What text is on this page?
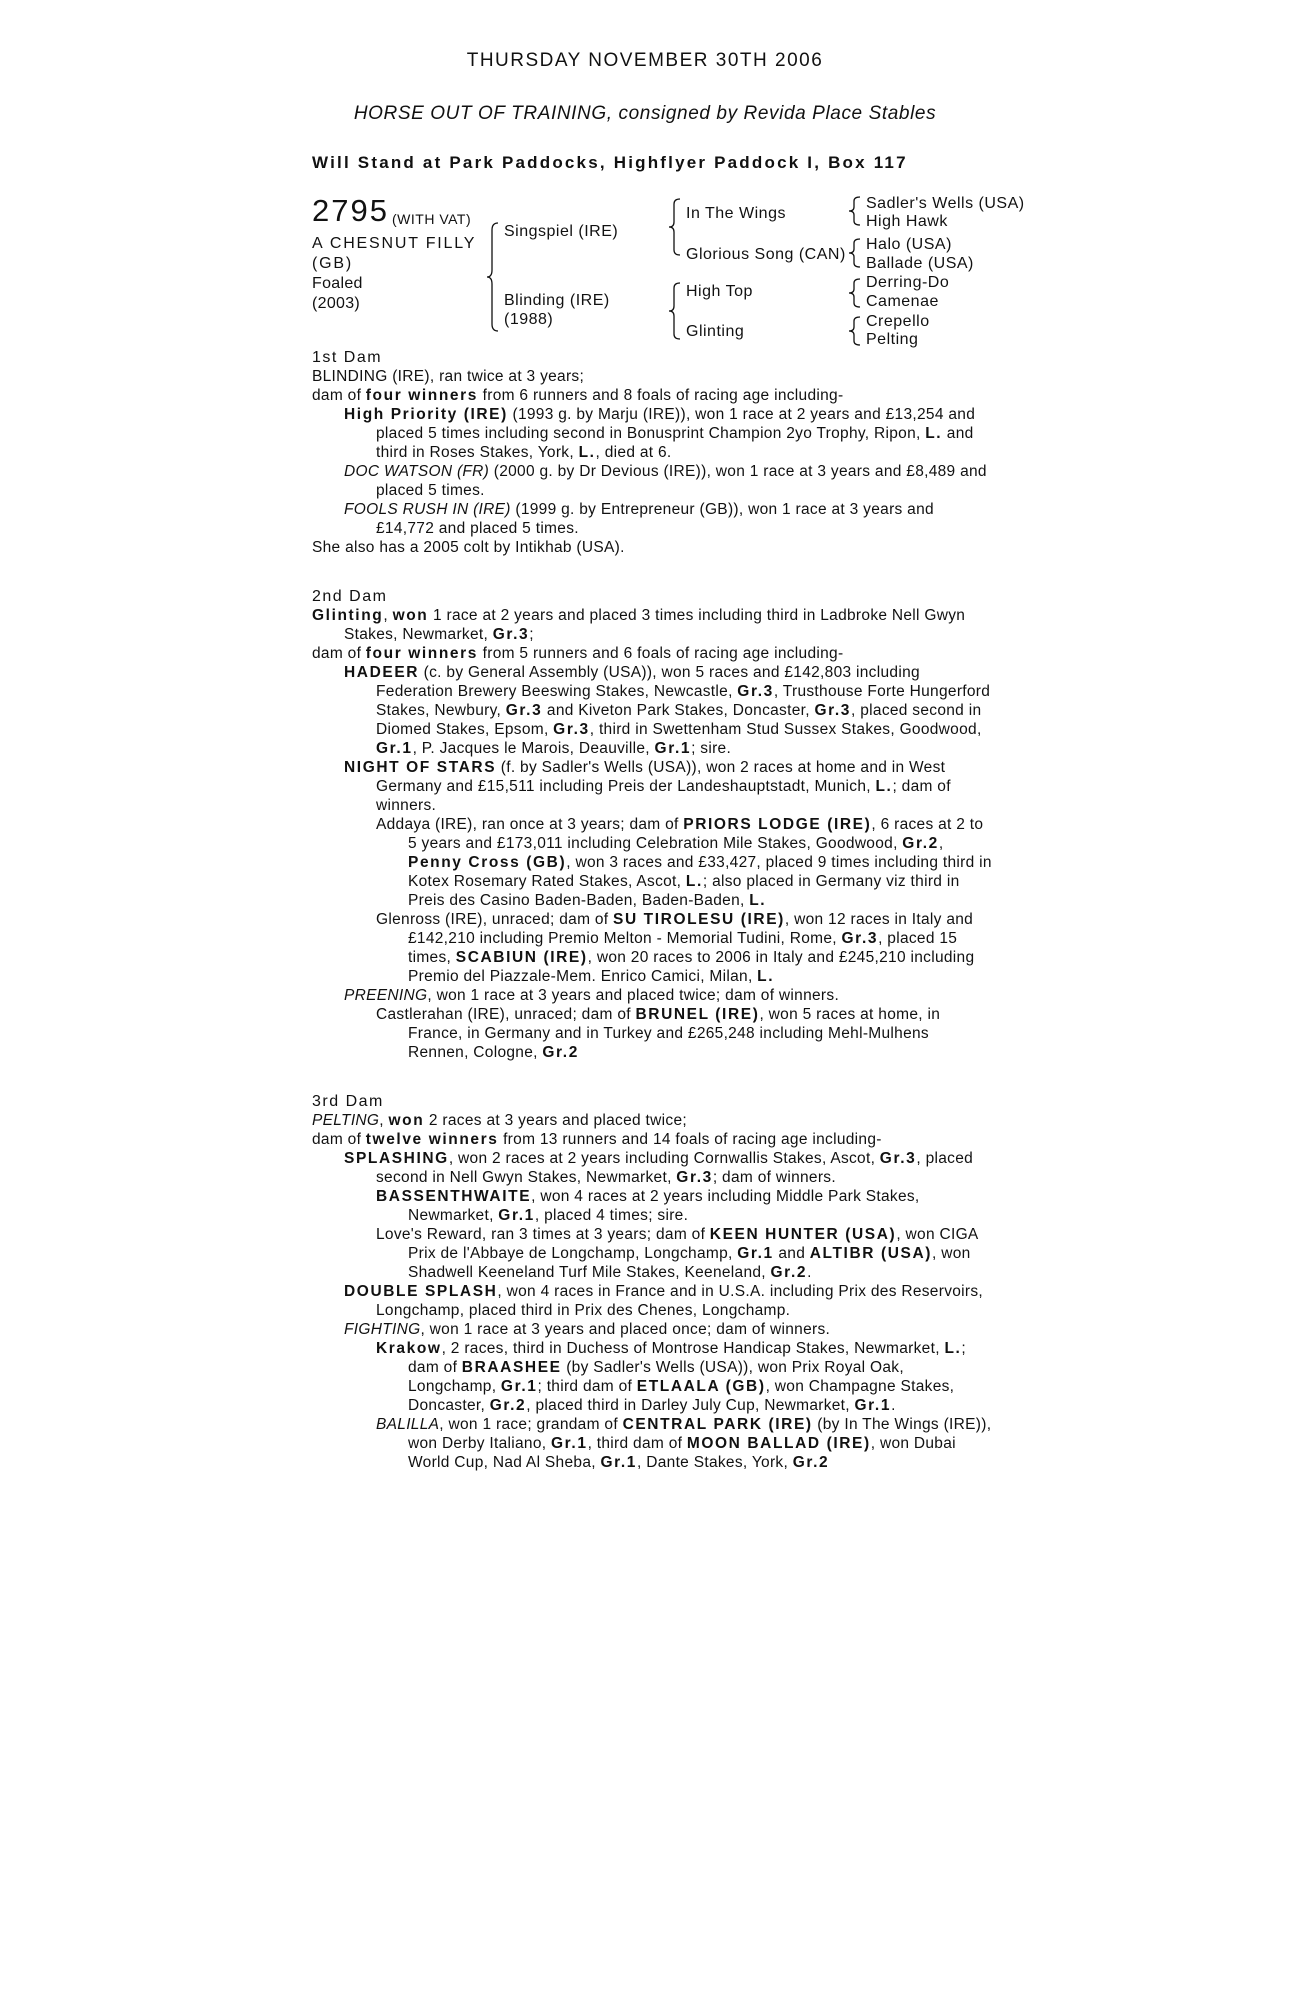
THURSDAY NOVEMBER 30TH 2006
HORSE OUT OF TRAINING, consigned by Revida Place Stables
Will Stand at Park Paddocks, Highflyer Paddock I, Box 117
2795 (WITH VAT)
A CHESNUT FILLY
(GB)
Foaled
(2003)
Singspiel (IRE)
Blinding (IRE)
(1988)
In The Wings
Glorious Song (CAN)
High Top
Glinting
Sadler's Wells (USA)
High Hawk
Halo (USA)
Ballade (USA)
Derring-Do
Camenae
Crepello
Pelting
1st Dam

BLINDING (IRE), ran twice at 3 years;

dam of four winners from 6 runners and 8 foals of racing age including-

High Priority (IRE) (1993 g. by Marju (IRE)), won 1 race at 2 years and £13,254 and placed 5 times including second in Bonusprint Champion 2yo Trophy, Ripon, L. and third in Roses Stakes, York, L., died at 6.

DOC WATSON (FR) (2000 g. by Dr Devious (IRE)), won 1 race at 3 years and £8,489 and placed 5 times.

FOOLS RUSH IN (IRE) (1999 g. by Entrepreneur (GB)), won 1 race at 3 years and £14,772 and placed 5 times.

She also has a 2005 colt by Intikhab (USA).

2nd Dam

Glinting, won 1 race at 2 years and placed 3 times including third in Ladbroke Nell Gwyn Stakes, Newmarket, Gr.3;

dam of four winners from 5 runners and 6 foals of racing age including-

HADEER (c. by General Assembly (USA)), won 5 races and £142,803 including Federation Brewery Beeswing Stakes, Newcastle, Gr.3, Trusthouse Forte Hungerford Stakes, Newbury, Gr.3 and Kiveton Park Stakes, Doncaster, Gr.3, placed second in Diomed Stakes, Epsom, Gr.3, third in Swettenham Stud Sussex Stakes, Goodwood, Gr.1, P. Jacques le Marois, Deauville, Gr.1; sire.

NIGHT OF STARS (f. by Sadler's Wells (USA)), won 2 races at home and in West Germany and £15,511 including Preis der Landeshauptstadt, Munich, L.; dam of winners.

Addaya (IRE), ran once at 3 years; dam of PRIORS LODGE (IRE), 6 races at 2 to 5 years and £173,011 including Celebration Mile Stakes, Goodwood, Gr.2, Penny Cross (GB), won 3 races and £33,427, placed 9 times including third in Kotex Rosemary Rated Stakes, Ascot, L.; also placed in Germany viz third in Preis des Casino Baden-Baden, Baden-Baden, L.

Glenross (IRE), unraced; dam of SU TIROLESU (IRE), won 12 races in Italy and £142,210 including Premio Melton - Memorial Tudini, Rome, Gr.3, placed 15 times, SCABIUN (IRE), won 20 races to 2006 in Italy and £245,210 including Premio del Piazzale-Mem. Enrico Camici, Milan, L.

PREENING, won 1 race at 3 years and placed twice; dam of winners.

Castlerahan (IRE), unraced; dam of BRUNEL (IRE), won 5 races at home, in France, in Germany and in Turkey and £265,248 including Mehl-Mulhens Rennen, Cologne, Gr.2

3rd Dam

PELTING, won 2 races at 3 years and placed twice;

dam of twelve winners from 13 runners and 14 foals of racing age including-

SPLASHING, won 2 races at 2 years including Cornwallis Stakes, Ascot, Gr.3, placed second in Nell Gwyn Stakes, Newmarket, Gr.3; dam of winners.

BASSENTHWAITE, won 4 races at 2 years including Middle Park Stakes, Newmarket, Gr.1, placed 4 times; sire.

Love's Reward, ran 3 times at 3 years; dam of KEEN HUNTER (USA), won CIGA Prix de l'Abbaye de Longchamp, Longchamp, Gr.1 and ALTIBR (USA), won Shadwell Keeneland Turf Mile Stakes, Keeneland, Gr.2.

DOUBLE SPLASH, won 4 races in France and in U.S.A. including Prix des Reservoirs, Longchamp, placed third in Prix des Chenes, Longchamp.

FIGHTING, won 1 race at 3 years and placed once; dam of winners.

Krakow, 2 races, third in Duchess of Montrose Handicap Stakes, Newmarket, L.; dam of BRAASHEE (by Sadler's Wells (USA)), won Prix Royal Oak, Longchamp, Gr.1; third dam of ETLAALA (GB), won Champagne Stakes, Doncaster, Gr.2, placed third in Darley July Cup, Newmarket, Gr.1.

BALILLA, won 1 race; grandam of CENTRAL PARK (IRE) (by In The Wings (IRE)), won Derby Italiano, Gr.1, third dam of MOON BALLAD (IRE), won Dubai World Cup, Nad Al Sheba, Gr.1, Dante Stakes, York, Gr.2
